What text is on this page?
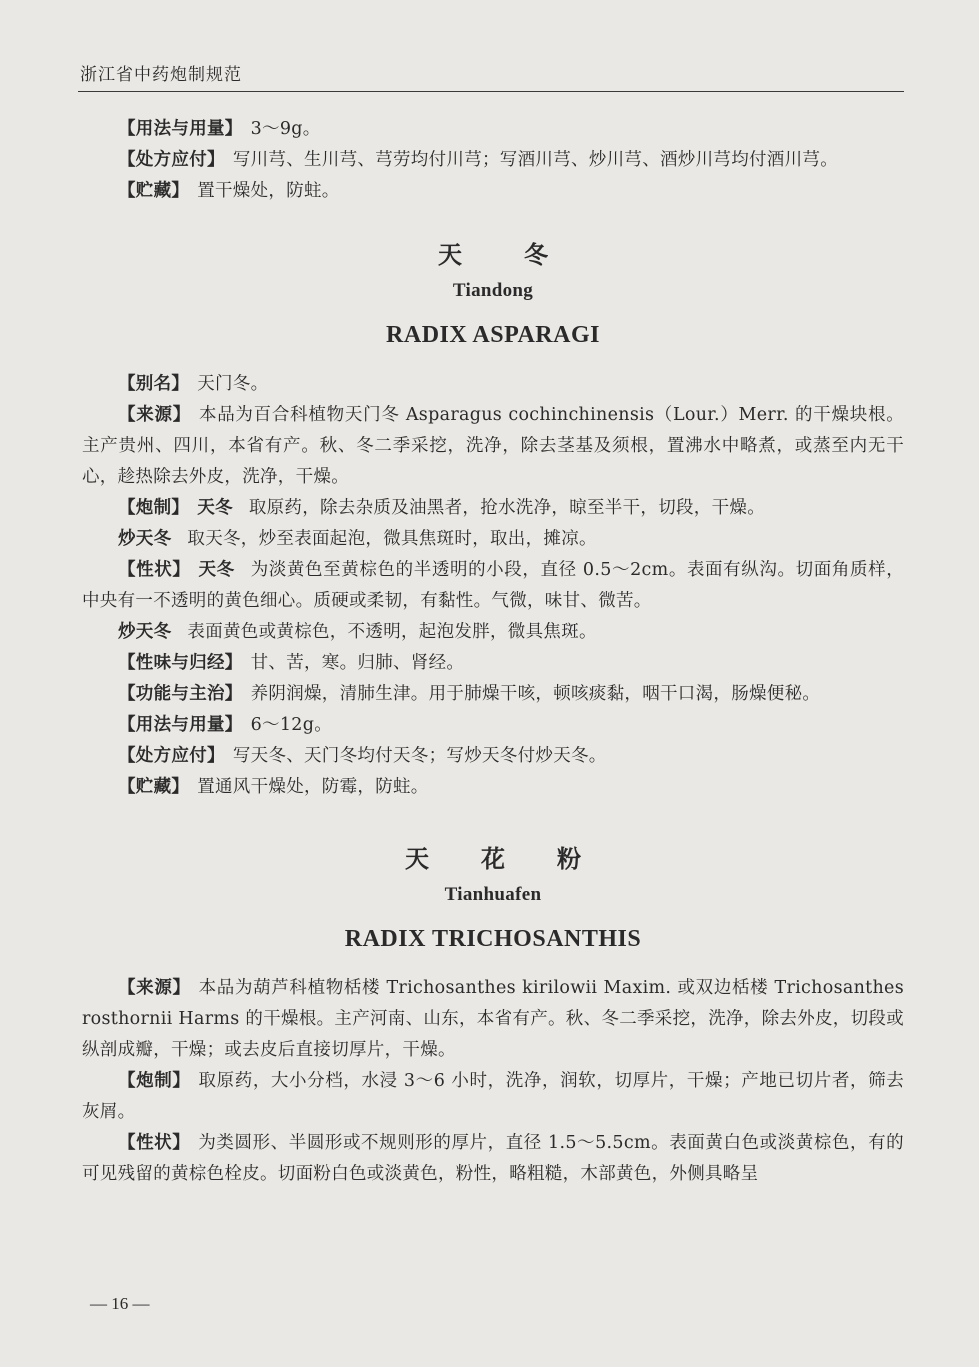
浙江省中药炮制规范

【用法与用量】 3～9g。

【处方应付】 写川芎、生川芎、芎劳均付川芎；写酒川芎、炒川芎、酒炒川芎均付酒川芎。

【贮藏】 置干燥处，防蛀。

天冬

Tiandong

RADIX ASPARAGI

【别名】 天门冬。

【来源】 本品为百合科植物天门冬 Asparagus cochinchinensis（Lour.）Merr. 的干燥块根。主产贵州、四川，本省有产。秋、冬二季采挖，洗净，除去茎基及须根，置沸水中略煮，或蒸至内无干心，趁热除去外皮，洗净，干燥。

【炮制】 天冬 取原药，除去杂质及油黑者，抢水洗净，晾至半干，切段，干燥。

炒天冬 取天冬，炒至表面起泡，微具焦斑时，取出，摊凉。

【性状】 天冬 为淡黄色至黄棕色的半透明的小段，直径 0.5～2cm。表面有纵沟。切面角质样，中央有一不透明的黄色细心。质硬或柔韧，有黏性。气微，味甘、微苦。

炒天冬 表面黄色或黄棕色，不透明，起泡发胖，微具焦斑。

【性味与归经】 甘、苦，寒。归肺、肾经。

【功能与主治】 养阴润燥，清肺生津。用于肺燥干咳，顿咳痰黏，咽干口渴，肠燥便秘。

【用法与用量】 6～12g。

【处方应付】 写天冬、天门冬均付天冬；写炒天冬付炒天冬。

【贮藏】 置通风干燥处，防霉，防蛀。

天花粉

Tianhuafen

RADIX TRICHOSANTHIS

【来源】 本品为葫芦科植物栝楼 Trichosanthes kirilowii Maxim. 或双边栝楼 Trichosanthes rosthornii Harms 的干燥根。主产河南、山东，本省有产。秋、冬二季采挖，洗净，除去外皮，切段或纵剖成瓣，干燥；或去皮后直接切厚片，干燥。

【炮制】 取原药，大小分档，水浸 3～6 小时，洗净，润软，切厚片，干燥；产地已切片者，筛去灰屑。

【性状】 为类圆形、半圆形或不规则形的厚片，直径 1.5～5.5cm。表面黄白色或淡黄棕色，有的可见残留的黄棕色栓皮。切面粉白色或淡黄色，粉性，略粗糙，木部黄色，外侧具略呈

— 16 —
